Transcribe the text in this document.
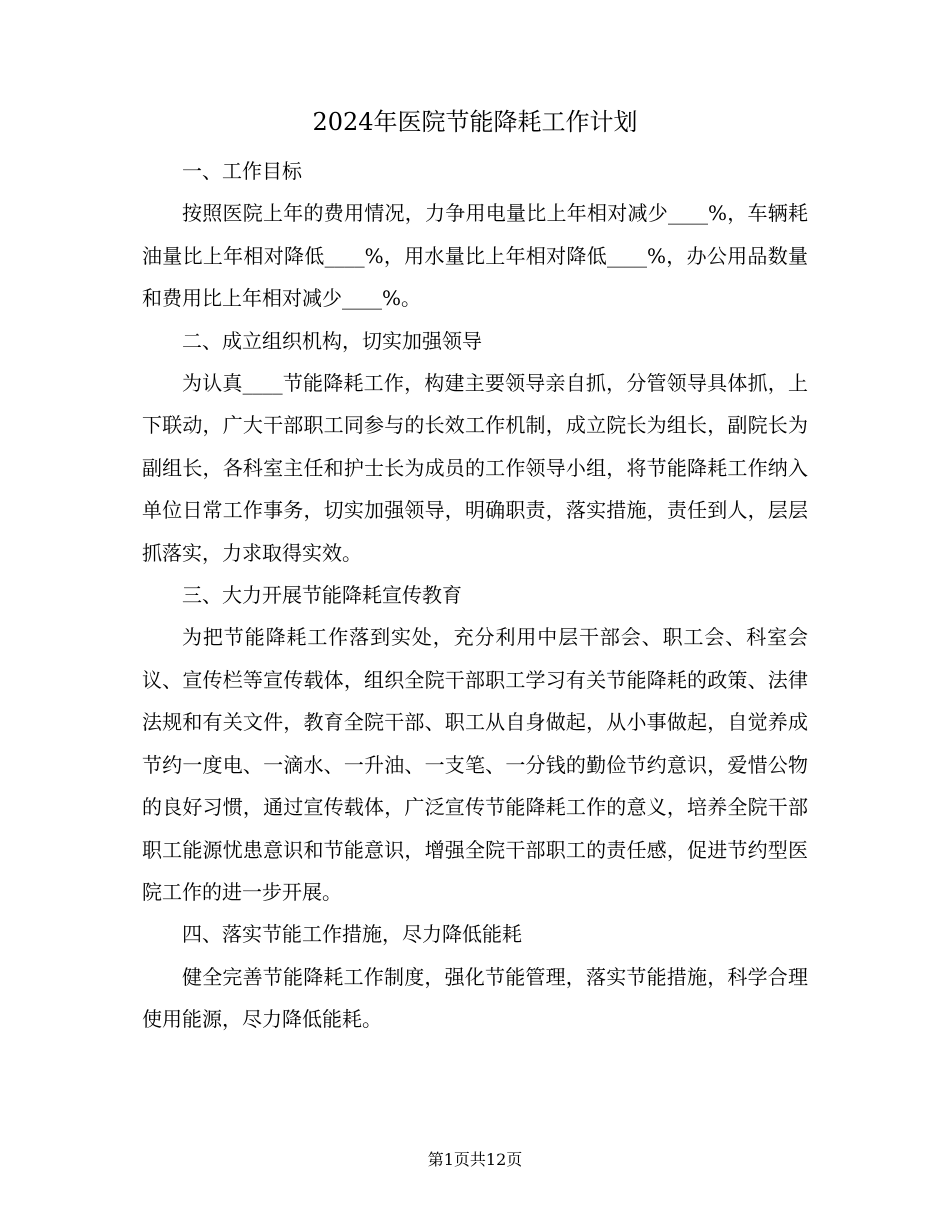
2024年医院节能降耗工作计划

一、工作目标

按照医院上年的费用情况，力争用电量比上年相对减少____%，车辆耗油量比上年相对降低____%，用水量比上年相对降低____%，办公用品数量和费用比上年相对减少____%。

二、成立组织机构，切实加强领导

为认真____节能降耗工作，构建主要领导亲自抓，分管领导具体抓，上下联动，广大干部职工同参与的长效工作机制，成立院长为组长，副院长为副组长，各科室主任和护士长为成员的工作领导小组，将节能降耗工作纳入单位日常工作事务，切实加强领导，明确职责，落实措施，责任到人，层层抓落实，力求取得实效。

三、大力开展节能降耗宣传教育

为把节能降耗工作落到实处，充分利用中层干部会、职工会、科室会议、宣传栏等宣传载体，组织全院干部职工学习有关节能降耗的政策、法律法规和有关文件，教育全院干部、职工从自身做起，从小事做起，自觉养成节约一度电、一滴水、一升油、一支笔、一分钱的勤俭节约意识，爱惜公物的良好习惯，通过宣传载体，广泛宣传节能降耗工作的意义，培养全院干部职工能源忧患意识和节能意识，增强全院干部职工的责任感，促进节约型医院工作的进一步开展。

四、落实节能工作措施，尽力降低能耗

健全完善节能降耗工作制度，强化节能管理，落实节能措施，科学合理使用能源，尽力降低能耗。

第1页共12页
